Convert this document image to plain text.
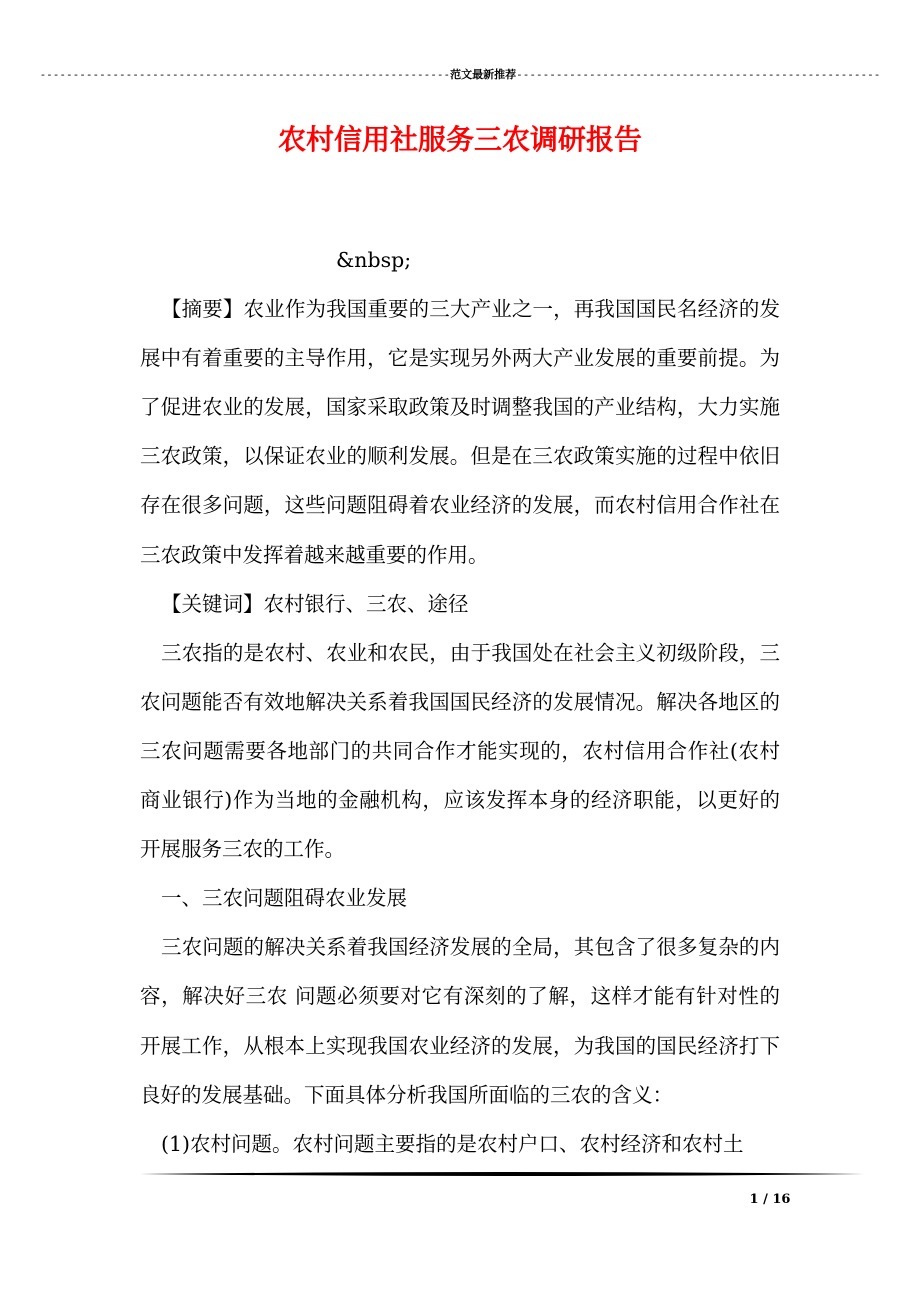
--------------------------------------------------------------范文最新推荐-------------------------------------------------------
农村信用社服务三农调研报告

&nbsp;

【摘要】农业作为我国重要的三大产业之一，再我国国民名经济的发展中有着重要的主导作用，它是实现另外两大产业发展的重要前提。为了促进农业的发展，国家采取政策及时调整我国的产业结构，大力实施三农政策，以保证农业的顺利发展。但是在三农政策实施的过程中依旧存在很多问题，这些问题阻碍着农业经济的发展，而农村信用合作社在三农政策中发挥着越来越重要的作用。

【关键词】农村银行、三农、途径

三农指的是农村、农业和农民，由于我国处在社会主义初级阶段，三农问题能否有效地解决关系着我国国民经济的发展情况。解决各地区的三农问题需要各地部门的共同合作才能实现的，农村信用合作社(农村商业银行)作为当地的金融机构，应该发挥本身的经济职能，以更好的开展服务三农的工作。

一、三农问题阻碍农业发展

三农问题的解决关系着我国经济发展的全局，其包含了很多复杂的内容，解决好三农 问题必须要对它有深刻的了解，这样才能有针对性的开展工作，从根本上实现我国农业经济的发展，为我国的国民经济打下良好的发展基础。下面具体分析我国所面临的三农的含义：

(1)农村问题。农村问题主要指的是农村户口、农村经济和农村土

1 / 16
